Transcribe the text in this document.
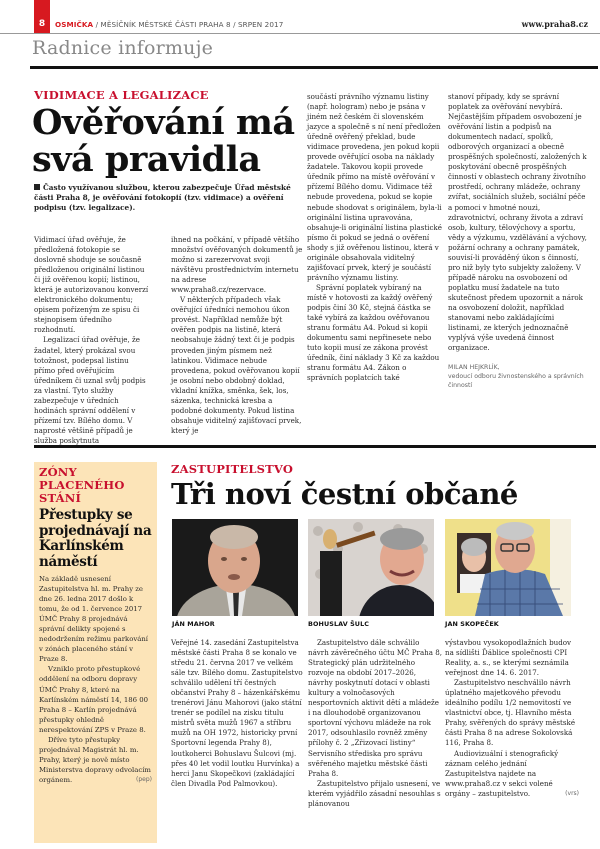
8	OSMIČKA / MĚSÍČNÍK MĚSTSKÉ ČÁSTI PRAHA 8 / SRPEN 2017	www.praha8.cz
Radnice informuje
VIDIMACE A LEGALIZACE
Ověřování má svá pravidla
Často využívanou službou, kterou zabezpečuje Úřad městské části Praha 8, je ověřování fotokopií (tzv. vidimace) a ověření podpisu (tzv. legalizace).

Vidimací úřad ověřuje, že předložená fotokopie se doslovně shoduje se současně předloženou originální listinou či již ověřenou kopií; listinou, která je autorizovanou konverzí elektronického dokumentu; opisem pořízeným ze spisu či stejnopisem úředního rozhodnutí.

Legalizací úřad ověřuje, že žadatel, který prokázal svou totožnost, podepsal listinu přímo před ověřujícím úředníkem či uznal svůj podpis za vlastní. Tyto služby zabezpečuje v úředních hodinách správní oddělení v přízemí tzv. Bílého domu. V naprosté většině případů je služba poskytnuta

ihned na počkání, v případě většího množství ověřovaných dokumentů je možno si zarezervovat svoji návštěvu prostřednictvím internetu na adrese www.praha8.cz/rezervace.

V některých případech však ověřující úředníci nemohou úkon provést. Například nemůže být ověřen podpis na listině, která neobsahuje žádný text či je podpis proveden jiným písmem než latinkou. Vidimace nebude provedena, pokud ověřovanou kopií je osobní nebo obdobný doklad, vkladní knížka, směnka, šek, los, sázenka, technická kresba a podobné dokumenty. Pokud listina obsahuje viditelný zajišťovací prvek, který je

součástí právního významu listiny (např. hologram) nebo je psána v jiném než českém či slovenském jazyce a společně s ní není předložen úředně ověřený překlad, bude vidimace provedena, jen pokud kopii provede ověřující osoba na náklady žadatele. Takovou kopii provede úředník přímo na místě ověřování v přízemí Bílého domu. Vidimace též nebude provedena, pokud se kopie nebude shodovat s originálem, byla-li originální listina upravována, obsahuje-li originální listina plastické písmo či pokud se jedná o ověření shody s již ověřenou listinou, která v originále obsahovala viditelný zajišťovací prvek, který je součástí právního významu listiny.

Správní poplatek vybíraný na místě v hotovosti za každý ověřený podpis činí 30 Kč, stejná částka se také vybírá za každou ověřovanou stranu formátu A4. Pokud si kopii dokumentu sami nepřinesete nebo tuto kopii musí ze zákona provést úředník, činí náklady 3 Kč za každou stranu formátu A4. Zákon o správních poplatcích také

stanoví případy, kdy se správní poplatek za ověřování nevybírá. Nejčastějším případem osvobození je ověřování listin a podpisů na dokumentech nadací, spolků, odborových organizací a obecně prospěšných společností, založených k poskytování obecně prospěšných činností v oblastech ochrany životního prostředí, ochrany mládeže, ochrany zvířat, sociálních služeb, sociální péče a pomoci v hmotné nouzi, zdravotnictví, ochrany života a zdraví osob, kultury, tělovýchovy a sportu, vědy a výzkumu, vzdělávání a výchovy, požární ochrany a ochrany památek, souvisí-li prováděný úkon s činností, pro niž byly tyto subjekty založeny. V případě nároku na osvobození od poplatku musí žadatele na tuto skutečnost předem upozornit a nárok na osvobození doložit, například stanovami nebo zakládajícími listinami, ze kterých jednoznačně vyplývá výše uvedená činnost organizace.

MILAN HEJKRLÍK,
vedoucí odboru živnostenského a správních činností
ZÓNY PLACENÉHO STÁNÍ
Přestupky se projednávají na Karlínském náměstí

Na základě usnesení Zastupitelstva hl. m. Prahy ze dne 26. ledna 2017 došlo k tomu, že od 1. července 2017 ÚMČ Prahy 8 projednává správní delikty spojené s nedodržením režimu parkování v zónách placeného stání v Praze 8.

Vzniklo proto přestupkové oddělení na odboru dopravy ÚMČ Prahy 8, které na Karlínském náměstí 14, 186 00 Praha 8 – Karlín projednává přestupky ohledně nerespektování ZPS v Praze 8.

Dříve tyto přestupky projednával Magistrát hl. m. Prahy, který je nově místo Ministerstva dopravy odvolacím orgánem.	(pep)

ZASTUPITELSTVO
Tři noví čestní občané
JÁN MAHOR	BOHUSLAV ŠULC	JAN SKOPEČEK

Veřejné 14. zasedání Zastupitelstva městské části Praha 8 se konalo ve středu 21. června 2017 ve velkém sále tzv. Bílého domu. Zastupitelstvo schválilo udělení tří čestných občanství Prahy 8 – házenkářskému trenérovi Jánu Mahorovi (jako státní trenér se podílel na zisku titulu mistrů světa mužů 1967 a stříbru mužů na OH 1972, historicky první Sportovní legenda Prahy 8), loutkoherci Bohuslavu Šulcovi (mj. přes 40 let vodil loutku Hurvínka) a herci Janu Skopečkovi (zakládající člen Divadla Pod Palmovkou).

Zastupitelstvo dále schválilo návrh závěrečného účtu MČ Praha 8, Strategický plán udržitelného rozvoje na období 2017–2026, návrhy poskytnutí dotací v oblasti kultury a volnočasových nesportovních aktivit dětí a mládeže i na dlouhodobě organizovanou sportovní výchovu mládeže na rok 2017, odsouhlasilo rovněž změny přílohy č. 2 „Zřizovací listiny“ Servisního střediska pro správu svěřeného majetku městské části Praha 8.

Zastupitelstvo přijalo usnesení, ve kterém vyjádřilo zásadní nesouhlas s plánovanou

výstavbou vysokopodlažních budov na sídlišti Ďáblice společnosti CPI Reality, a. s., se kterými seznámila veřejnost dne 14. 6. 2017.

Zastupitelstvo neschválilo návrh úplatného majetkového převodu ideálního podílu 1/2 nemovitostí ve vlastnictví obce, tj. Hlavního města Prahy, svěřených do správy městské části Praha 8 na adrese Sokolovská 116, Praha 8.

Audiovizuální i stenografický záznam celého jednání Zastupitelstva najdete na www.praha8.cz v sekci volené orgány – zastupitelstvo.	(vrs)
